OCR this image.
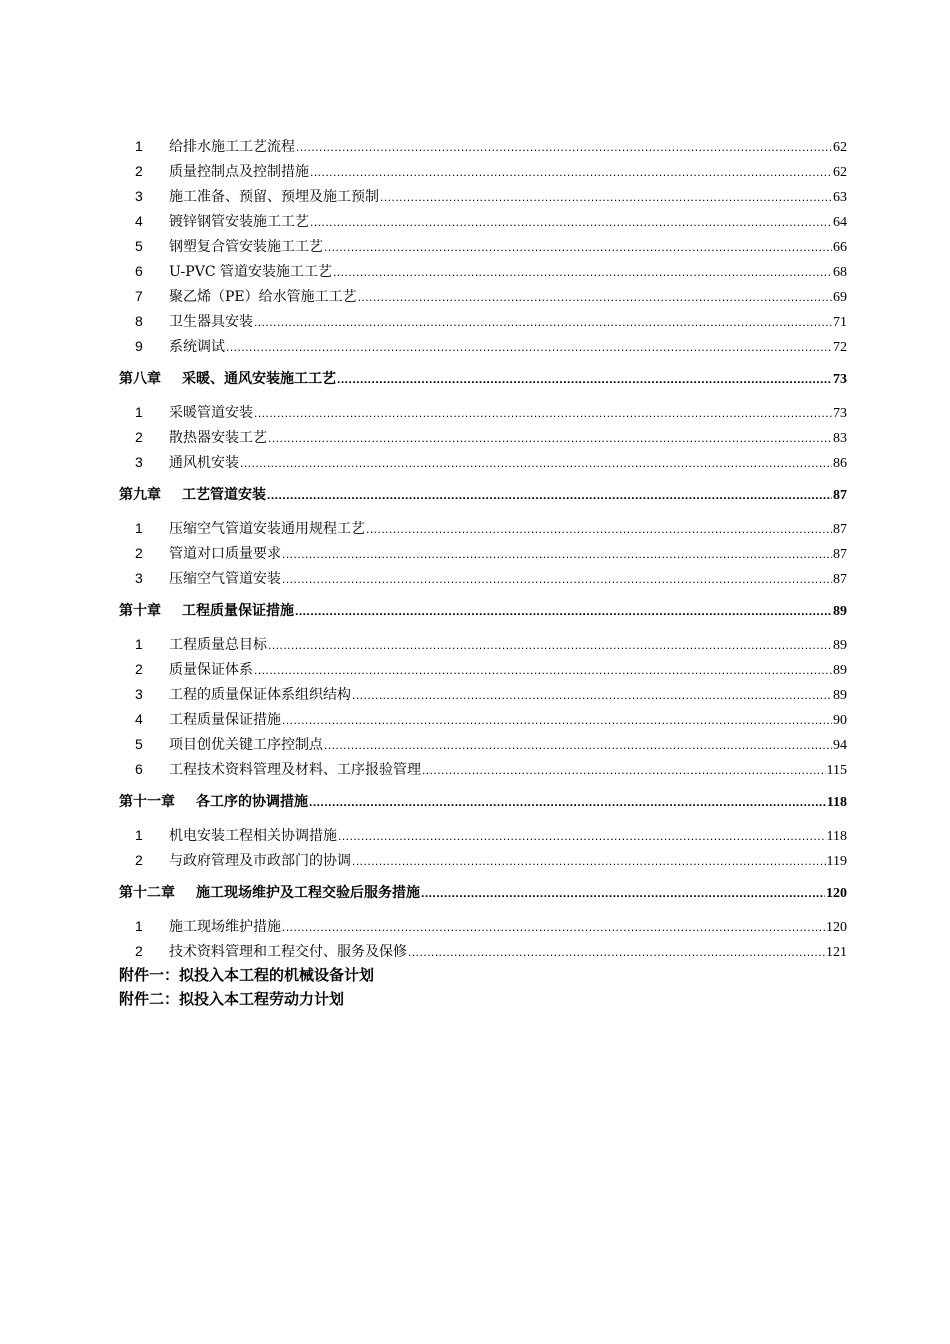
1	给排水施工工艺流程 .....	62
2	质量控制点及控制措施 .....	62
3	施工准备、预留、预埋及施工预制 .....	63
4	镀锌钢管安装施工工艺 .....	64
5	钢塑复合管安装施工工艺 .....	66
6	U-PVC 管道安装施工工艺 .....	68
7	聚乙烯（PE）给水管施工工艺 .....	69
8	卫生器具安装 .....	71
9	系统调试 .....	72
第八章	采暖、通风安装施工工艺 .....	73
1	采暖管道安装 .....	73
2	散热器安装工艺 .....	83
3	通风机安装 .....	86
第九章	工艺管道安装 .....	87
1	压缩空气管道安装通用规程工艺 .....	87
2	管道对口质量要求 .....	87
3	压缩空气管道安装 .....	87
第十章	工程质量保证措施 .....	89
1	工程质量总目标 .....	89
2	质量保证体系 .....	89
3	工程的质量保证体系组织结构 .....	89
4	工程质量保证措施 .....	90
5	项目创优关键工序控制点 .....	94
6	工程技术资料管理及材料、工序报验管理 .....	115
第十一章	各工序的协调措施 .....	118
1	机电安装工程相关协调措施 .....	118
2	与政府管理及市政部门的协调 .....	119
第十二章	施工现场维护及工程交验后服务措施 .....	120
1	施工现场维护措施 .....	120
2	技术资料管理和工程交付、服务及保修 .....	121
附件一：拟投入本工程的机械设备计划
附件二：拟投入本工程劳动力计划
